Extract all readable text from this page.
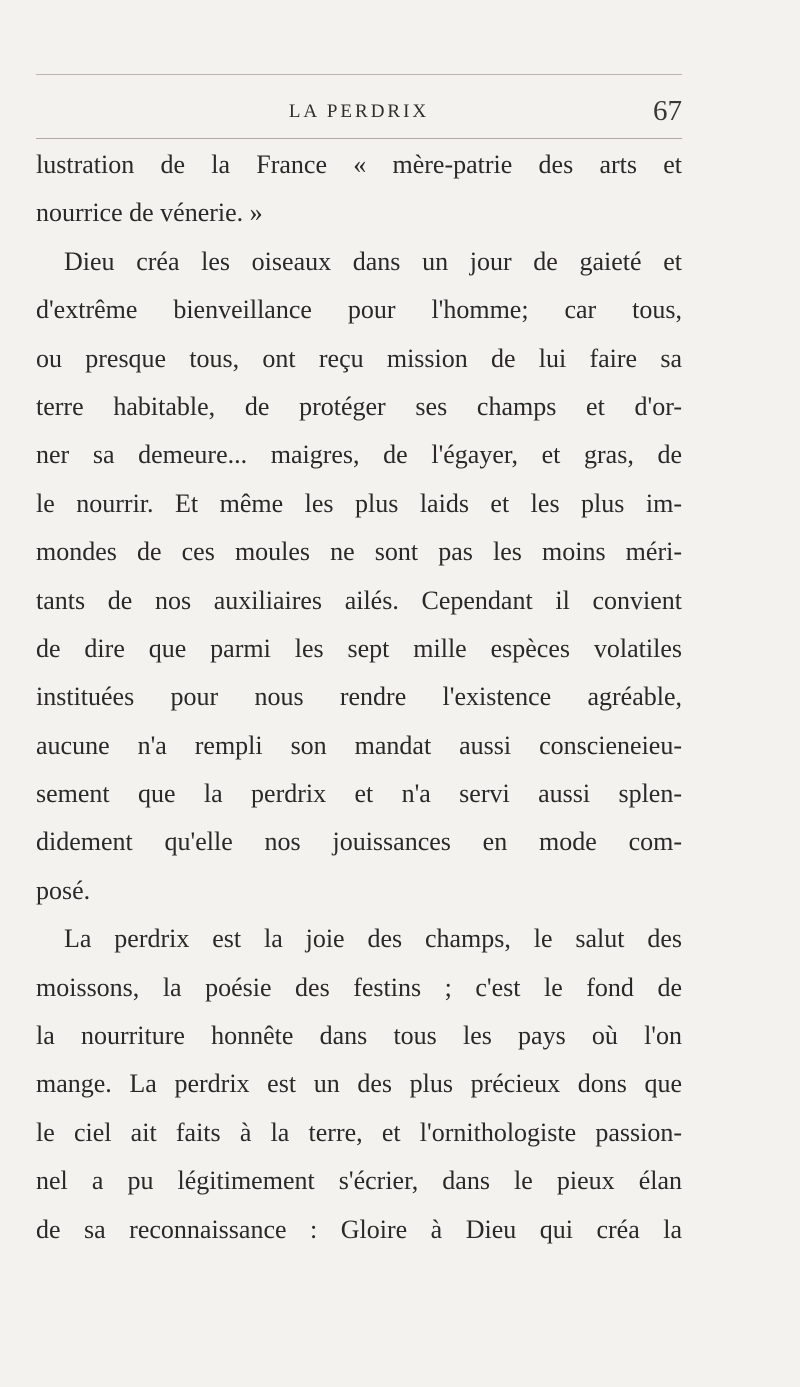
LA PERDRIX	67
lustration de la France « mère-patrie des arts et
nourrice de vénerie. »
Dieu créa les oiseaux dans un jour de gaieté et
d'extrême bienveillance pour l'homme; car tous,
ou presque tous, ont reçu mission de lui faire sa
terre habitable, de protéger ses champs et d'or-
ner sa demeure... maigres, de l'égayer, et gras, de
le nourrir. Et même les plus laids et les plus im-
mondes de ces moules ne sont pas les moins méri-
tants de nos auxiliaires ailés. Cependant il convient
de dire que parmi les sept mille espèces volatiles
instituées pour nous rendre l'existence agréable,
aucune n'a rempli son mandat aussi conscieneieu-
sement que la perdrix et n'a servi aussi splen-
didement qu'elle nos jouissances en mode com-
posé.
La perdrix est la joie des champs, le salut des
moissons, la poésie des festins ; c'est le fond de
la nourriture honnête dans tous les pays où l'on
mange. La perdrix est un des plus précieux dons que
le ciel ait faits à la terre, et l'ornithologiste passion-
nel a pu légitimement s'écrier, dans le pieux élan
de sa reconnaissance : Gloire à Dieu qui créa la
